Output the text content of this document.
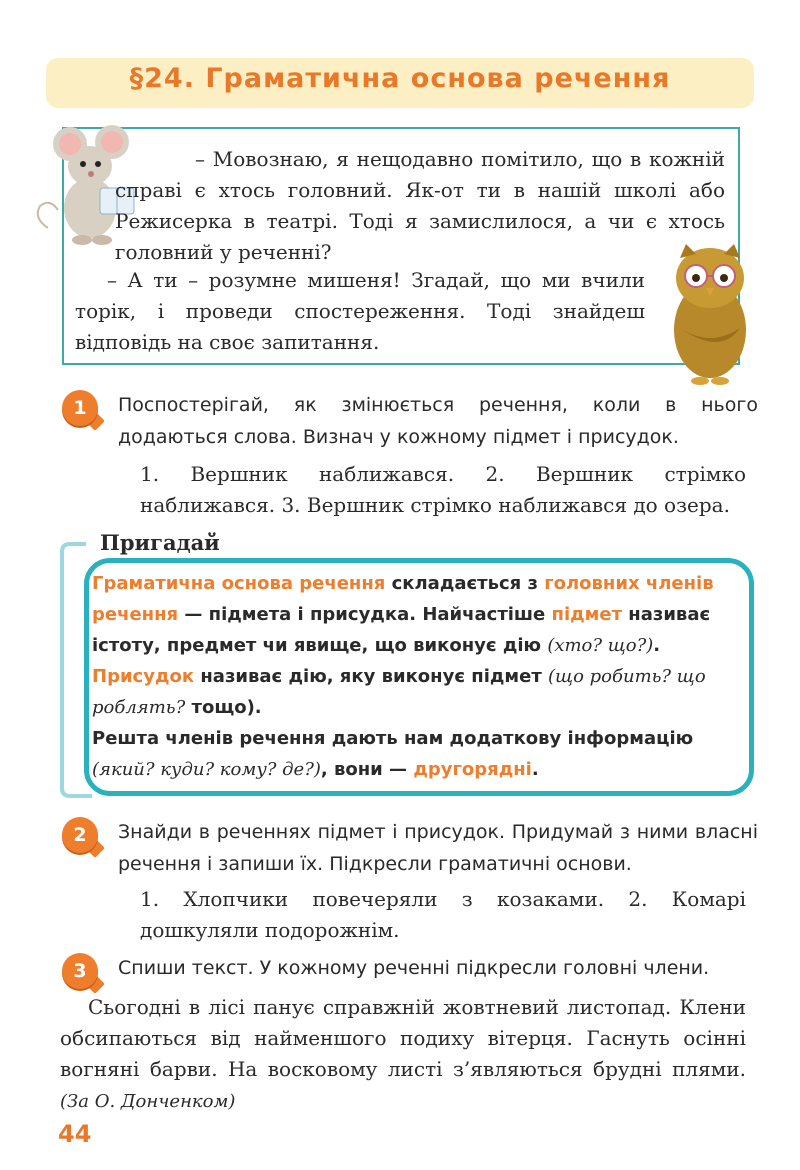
§24. Граматична основа речення
– Мовознаю, я нещодавно помітило, що в кожній справі є хтось головний. Як-от ти в нашій школі або Режисерка в театрі. Тоді я замислилося, а чи є хтось головний у реченні?
– А ти – розумне мишеня! Згадай, що ми вчили торік, і проведи спостереження. Тоді знайдеш відповідь на своє запитання.
1	Поспостерігай, як змінюється речення, коли в нього додаються слова. Визнач у кожному підмет і присудок.
1. Вершник наближався. 2. Вершник стрімко наближався. 3. Вершник стрімко наближався до озера.
Пригадай
Граматична основа речення складається з головних членів речення — підмета і присудка. Найчастіше підмет називає істоту, предмет чи явище, що виконує дію (хто? що?). Присудок називає дію, яку виконує підмет (що робить? що роблять? тощо).
Решта членів речення дають нам додаткову інформацію (який? куди? кому? де?), вони — другорядні.
2	Знайди в реченнях підмет і присудок. Придумай з ними власні речення і запиши їх. Підкресли граматичні основи.
1. Хлопчики повечеряли з козаками. 2. Комарі дошкуляли подорожнім.
3	Спиши текст. У кожному реченні підкресли головні члени.
Сьогодні в лісі панує справжній жовтневий листопад. Клени обсипаються від найменшого подиху вітерця. Гаснуть осінні вогняні барви. На восковому листі з’являються брудні плями. (За О. Донченком)
44
